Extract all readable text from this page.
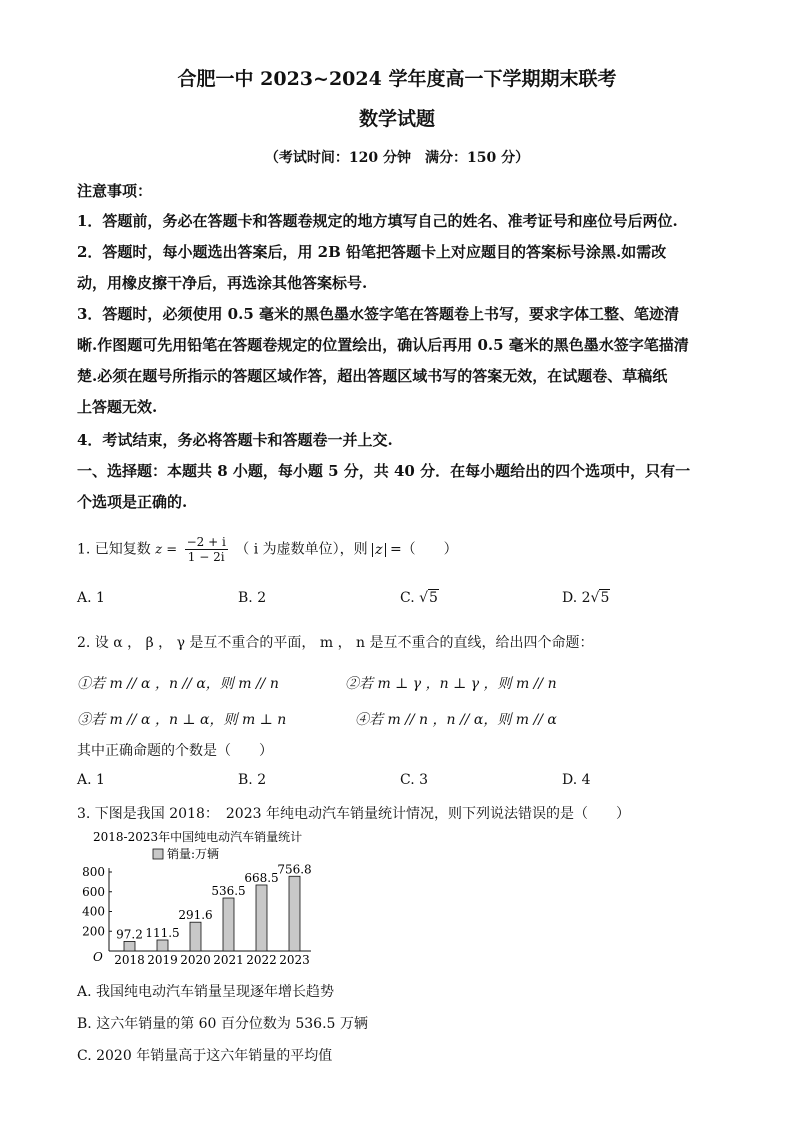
合肥一中 2023~2024 学年度高一下学期期末联考
数学试题
（考试时间：120 分钟　满分：150 分）
注意事项：
1．答题前，务必在答题卡和答题卷规定的地方填写自己的姓名、准考证号和座位号后两位.
2．答题时，每小题选出答案后，用 2B 铅笔把答题卡上对应题目的答案标号涂黑.如需改
动，用橡皮擦干净后，再选涂其他答案标号.
3．答题时，必须使用 0.5 毫米的黑色墨水签字笔在答题卷上书写，要求字体工整、笔迹清
晰.作图题可先用铅笔在答题卷规定的位置绘出，确认后再用 0.5 毫米的黑色墨水签字笔描清
楚.必须在题号所指示的答题区域作答，超出答题区域书写的答案无效，在试题卷、草稿纸
上答题无效.
4．考试结束，务必将答题卡和答题卷一并上交.
一、选择题：本题共 8 小题，每小题 5 分，共 40 分．在每小题给出的四个选项中，只有一
个选项是正确的.
1. 已知复数 $z = \frac{-2 + i}{1 - 2i}$ （ i 为虚数单位），则 z =（　　）
A. 1	B. 2	C. √5	D. 2√5
2. 设 α ， β ， γ 是互不重合的平面， m ， n 是互不重合的直线，给出四个命题：
①若 m // α ，n // α，则 m // n	②若 m ⊥ γ ，n ⊥ γ ，则 m // n
③若 m // α ，n ⊥ α，则 m ⊥ n	④若 m // n ，n // α，则 m // α
其中正确命题的个数是（　　）
A. 1	B. 2	C. 3	D. 4
3. 下图是我国 2018：　2023 年纯电动汽车销量统计情况，则下列说法错误的是（　　）
2018-2023年中国纯电动汽车销量统计
销量:万辆
O
200
400
600
800
97.2
2018
111.5
2019
291.6
2020
536.5
2021
668.5
2022
756.8
2023
A. 我国纯电动汽车销量呈现逐年增长趋势
B. 这六年销量的第 60 百分位数为 536.5 万辆
C. 2020 年销量高于这六年销量的平均值
